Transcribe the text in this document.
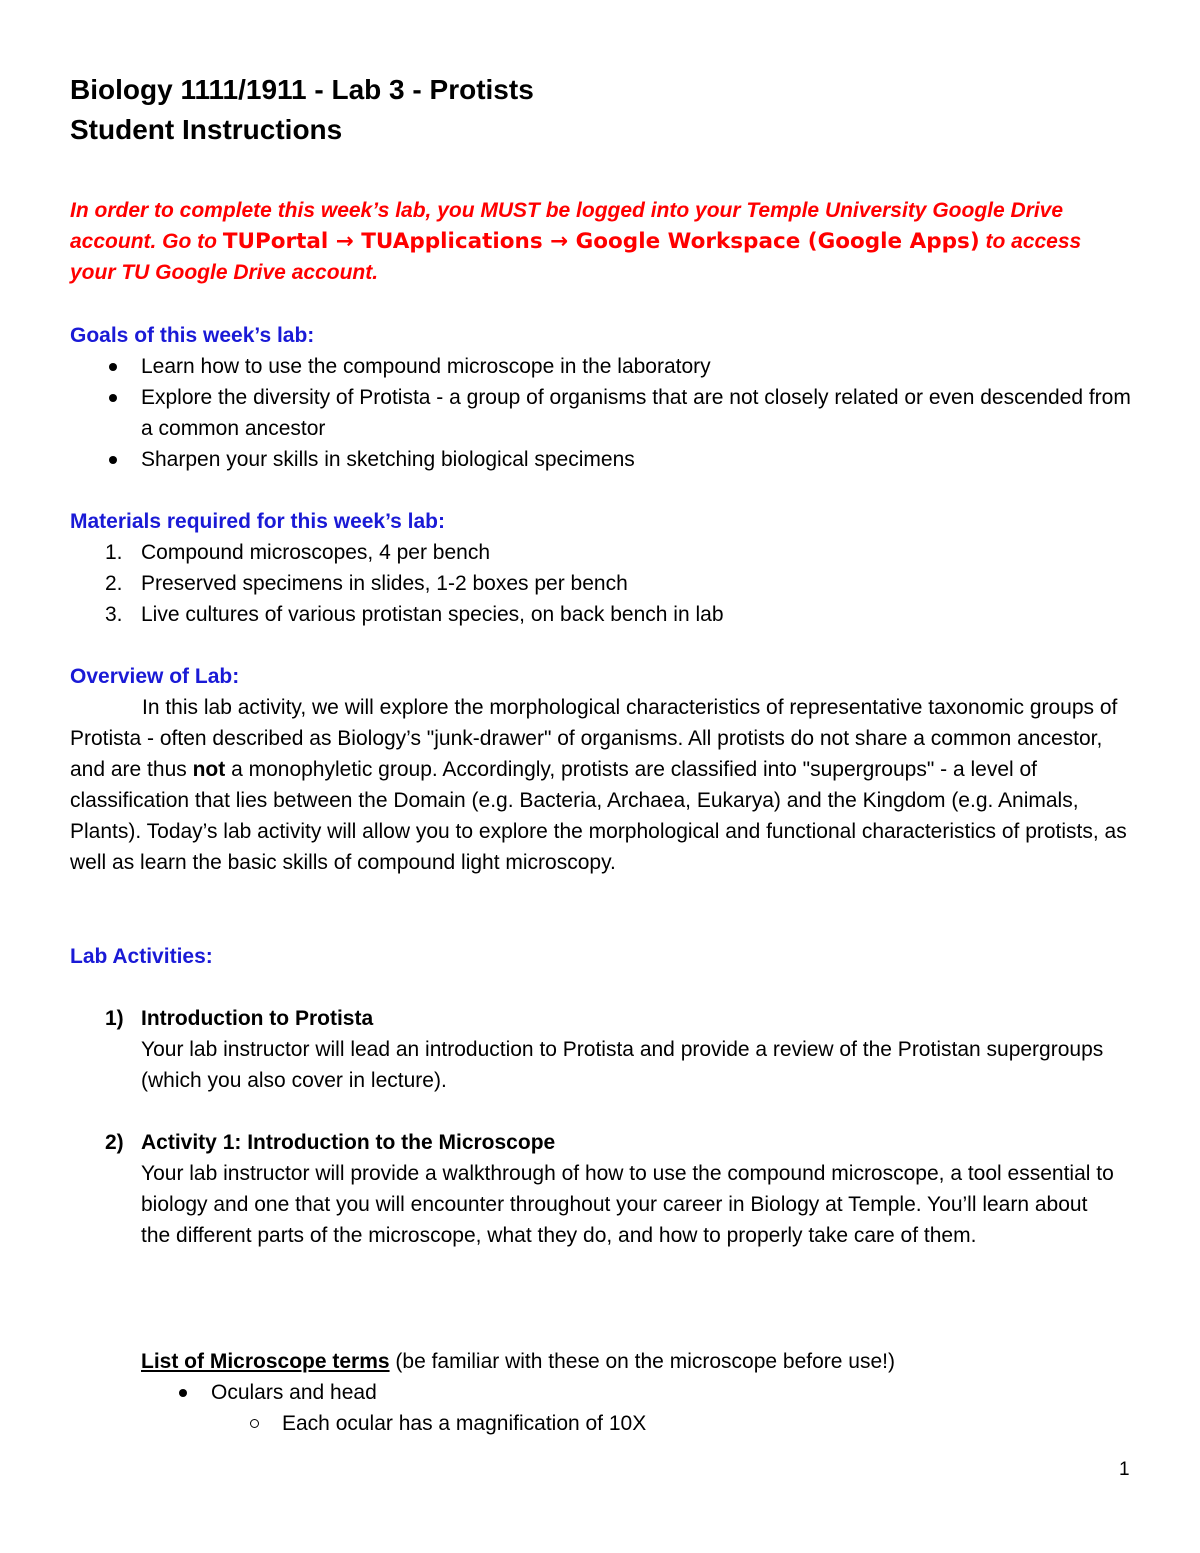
Biology 1111/1911 - Lab 3 - Protists
Student Instructions
In order to complete this week’s lab, you MUST be logged into your Temple University Google Drive account. Go to TUPortal → TUApplications → Google Workspace (Google Apps) to access your TU Google Drive account.
Goals of this week’s lab:
Learn how to use the compound microscope in the laboratory
Explore the diversity of Protista - a group of organisms that are not closely related or even descended from a common ancestor
Sharpen your skills in sketching biological specimens
Materials required for this week’s lab:
1. Compound microscopes, 4 per bench
2. Preserved specimens in slides, 1-2 boxes per bench
3. Live cultures of various protistan species, on back bench in lab
Overview of Lab:
In this lab activity, we will explore the morphological characteristics of representative taxonomic groups of Protista - often described as Biology’s "junk-drawer" of organisms. All protists do not share a common ancestor, and are thus not a monophyletic group. Accordingly, protists are classified into "supergroups" - a level of classification that lies between the Domain (e.g. Bacteria, Archaea, Eukarya) and the Kingdom (e.g. Animals, Plants). Today’s lab activity will allow you to explore the morphological and functional characteristics of protists, as well as learn the basic skills of compound light microscopy.
Lab Activities:
1) Introduction to Protista
Your lab instructor will lead an introduction to Protista and provide a review of the Protistan supergroups (which you also cover in lecture).
2) Activity 1: Introduction to the Microscope
Your lab instructor will provide a walkthrough of how to use the compound microscope, a tool essential to biology and one that you will encounter throughout your career in Biology at Temple. You’ll learn about the different parts of the microscope, what they do, and how to properly take care of them.
List of Microscope terms (be familiar with these on the microscope before use!)
Oculars and head
Each ocular has a magnification of 10X
1
